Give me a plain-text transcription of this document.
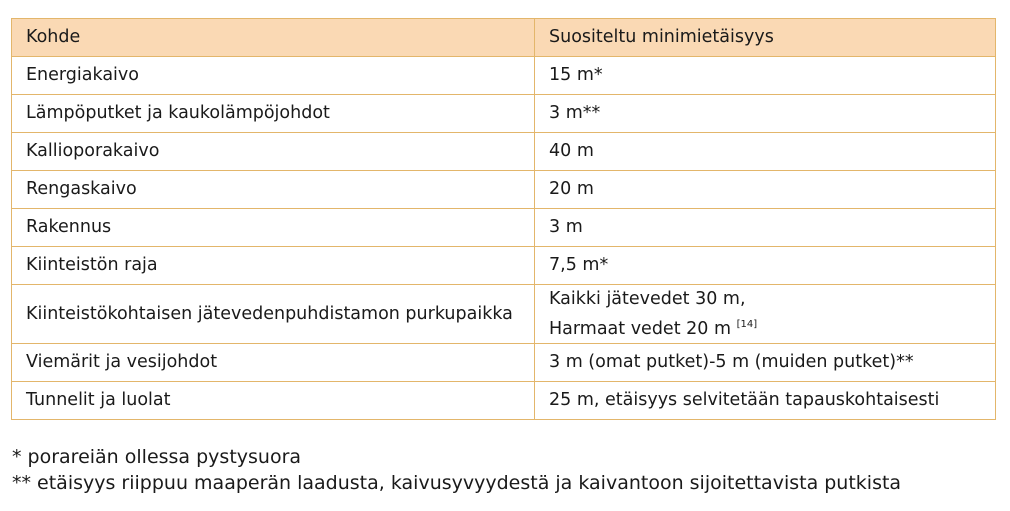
Kohde	Suositeltu minimietäisyys
Energiakaivo	15 m*
Lämpöputket ja kaukolämpöjohdot	3 m**
Kallioporakaivo	40 m
Rengaskaivo	20 m
Rakennus	3 m
Kiinteistön raja	7,5 m*
Kiinteistökohtaisen jätevedenpuhdistamon purkupaikka	Kaikki jätevedet 30 m,
Harmaat vedet 20 m [14]

Viemärit ja vesijohdot	3 m (omat putket)-5 m (muiden putket)**
Tunnelit ja luolat	25 m, etäisyys selvitetään tapauskohtaisesti
* porareiän ollessa pystysuora
** etäisyys riippuu maaperän laadusta, kaivusyvyydestä ja kaivantoon sijoitettavista putkista
